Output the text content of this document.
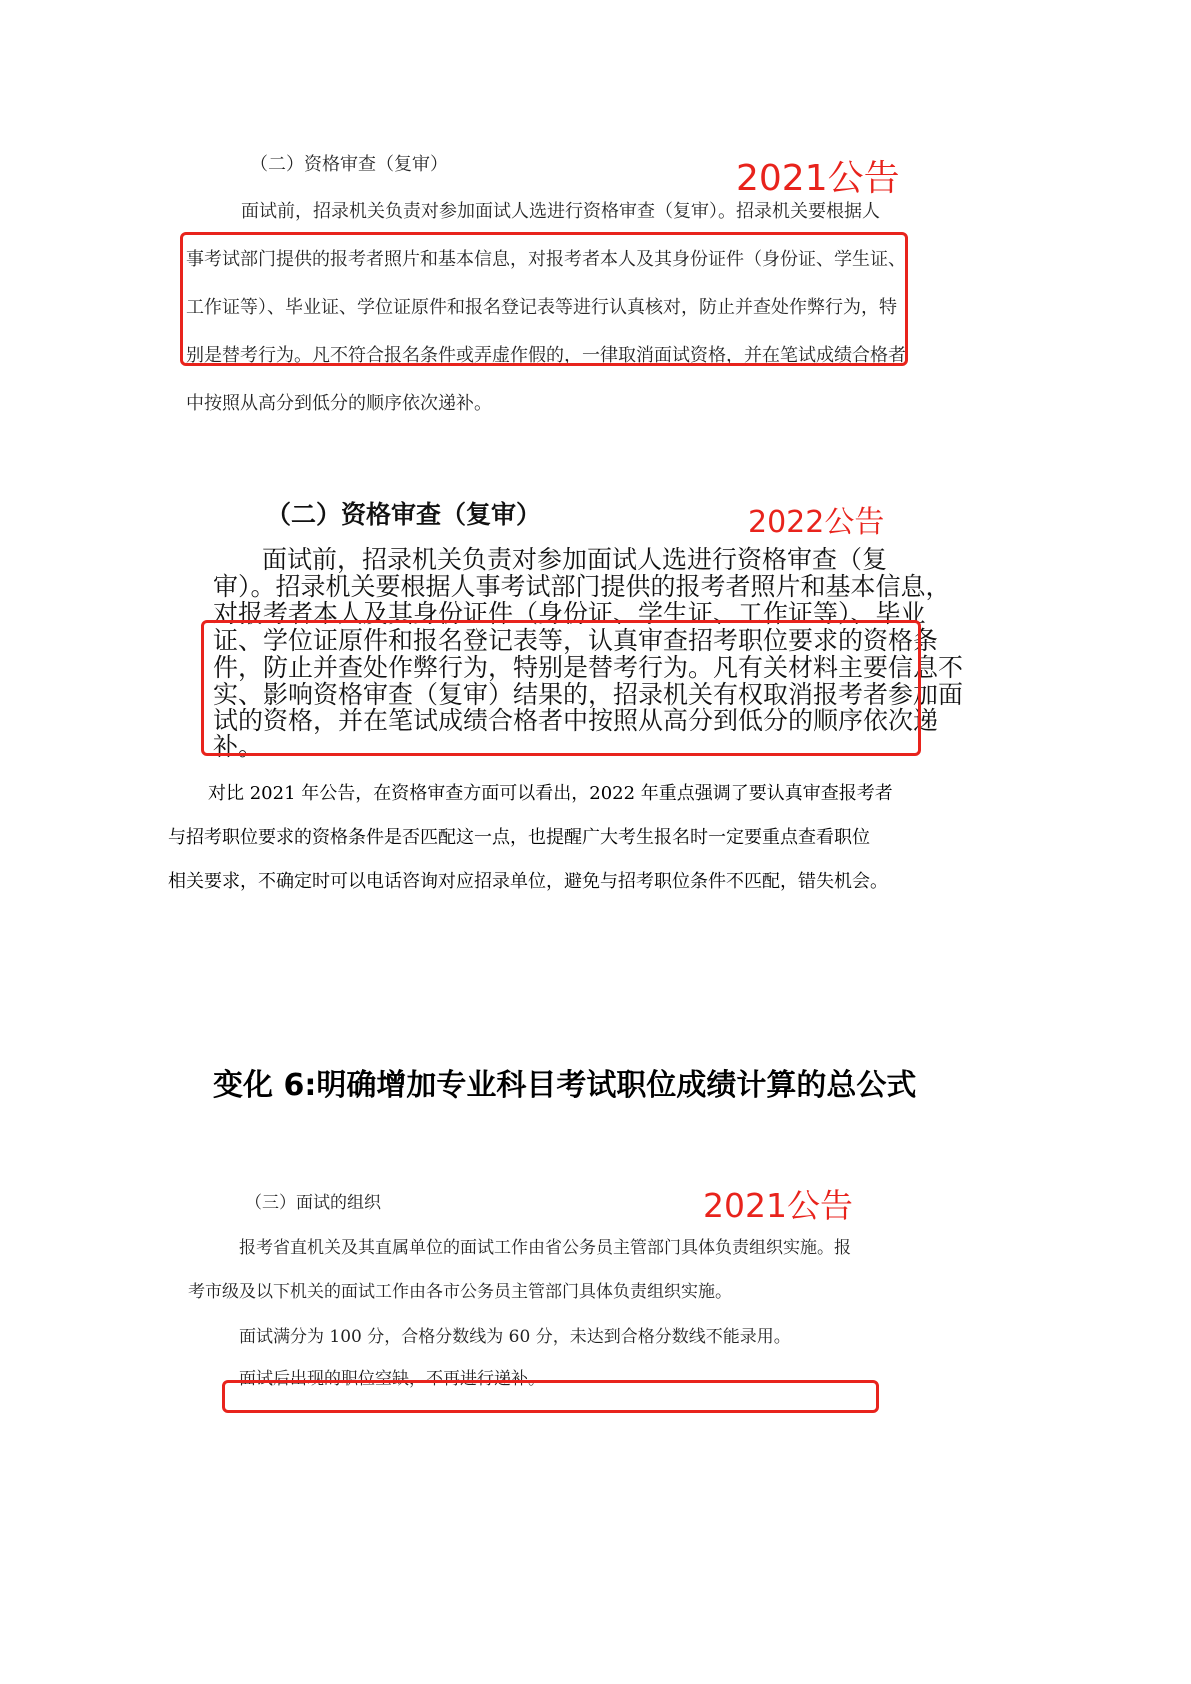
（二）资格审查（复审）	2021公告
面试前，招录机关负责对参加面试人选进行资格审查（复审）。招录机关要根据人
事考试部门提供的报考者照片和基本信息，对报考者本人及其身份证件（身份证、学生证、
工作证等）、毕业证、学位证原件和报名登记表等进行认真核对，防止并查处作弊行为，特
别是替考行为。凡不符合报名条件或弄虚作假的，一律取消面试资格，并在笔试成绩合格者
中按照从高分到低分的顺序依次递补。
（二）资格审查（复审）	2022公告
面试前，招录机关负责对参加面试人选进行资格审查（复
审）。招录机关要根据人事考试部门提供的报考者照片和基本信息，
对报考者本人及其身份证件（身份证、学生证、工作证等）、毕业
证、学位证原件和报名登记表等，认真审查招考职位要求的资格条
件，防止并查处作弊行为，特别是替考行为。凡有关材料主要信息不
实、影响资格审查（复审）结果的，招录机关有权取消报考者参加面
试的资格，并在笔试成绩合格者中按照从高分到低分的顺序依次递
补。
对比 2021 年公告，在资格审查方面可以看出，2022 年重点强调了要认真审查报考者
与招考职位要求的资格条件是否匹配这一点，也提醒广大考生报名时一定要重点查看职位
相关要求，不确定时可以电话咨询对应招录单位，避免与招考职位条件不匹配，错失机会。
变化 6:明确增加专业科目考试职位成绩计算的总公式
（三）面试的组织	2021公告
报考省直机关及其直属单位的面试工作由省公务员主管部门具体负责组织实施。报
考市级及以下机关的面试工作由各市公务员主管部门具体负责组织实施。
面试满分为 100 分，合格分数线为 60 分，未达到合格分数线不能录用。
面试后出现的职位空缺，不再进行递补。
